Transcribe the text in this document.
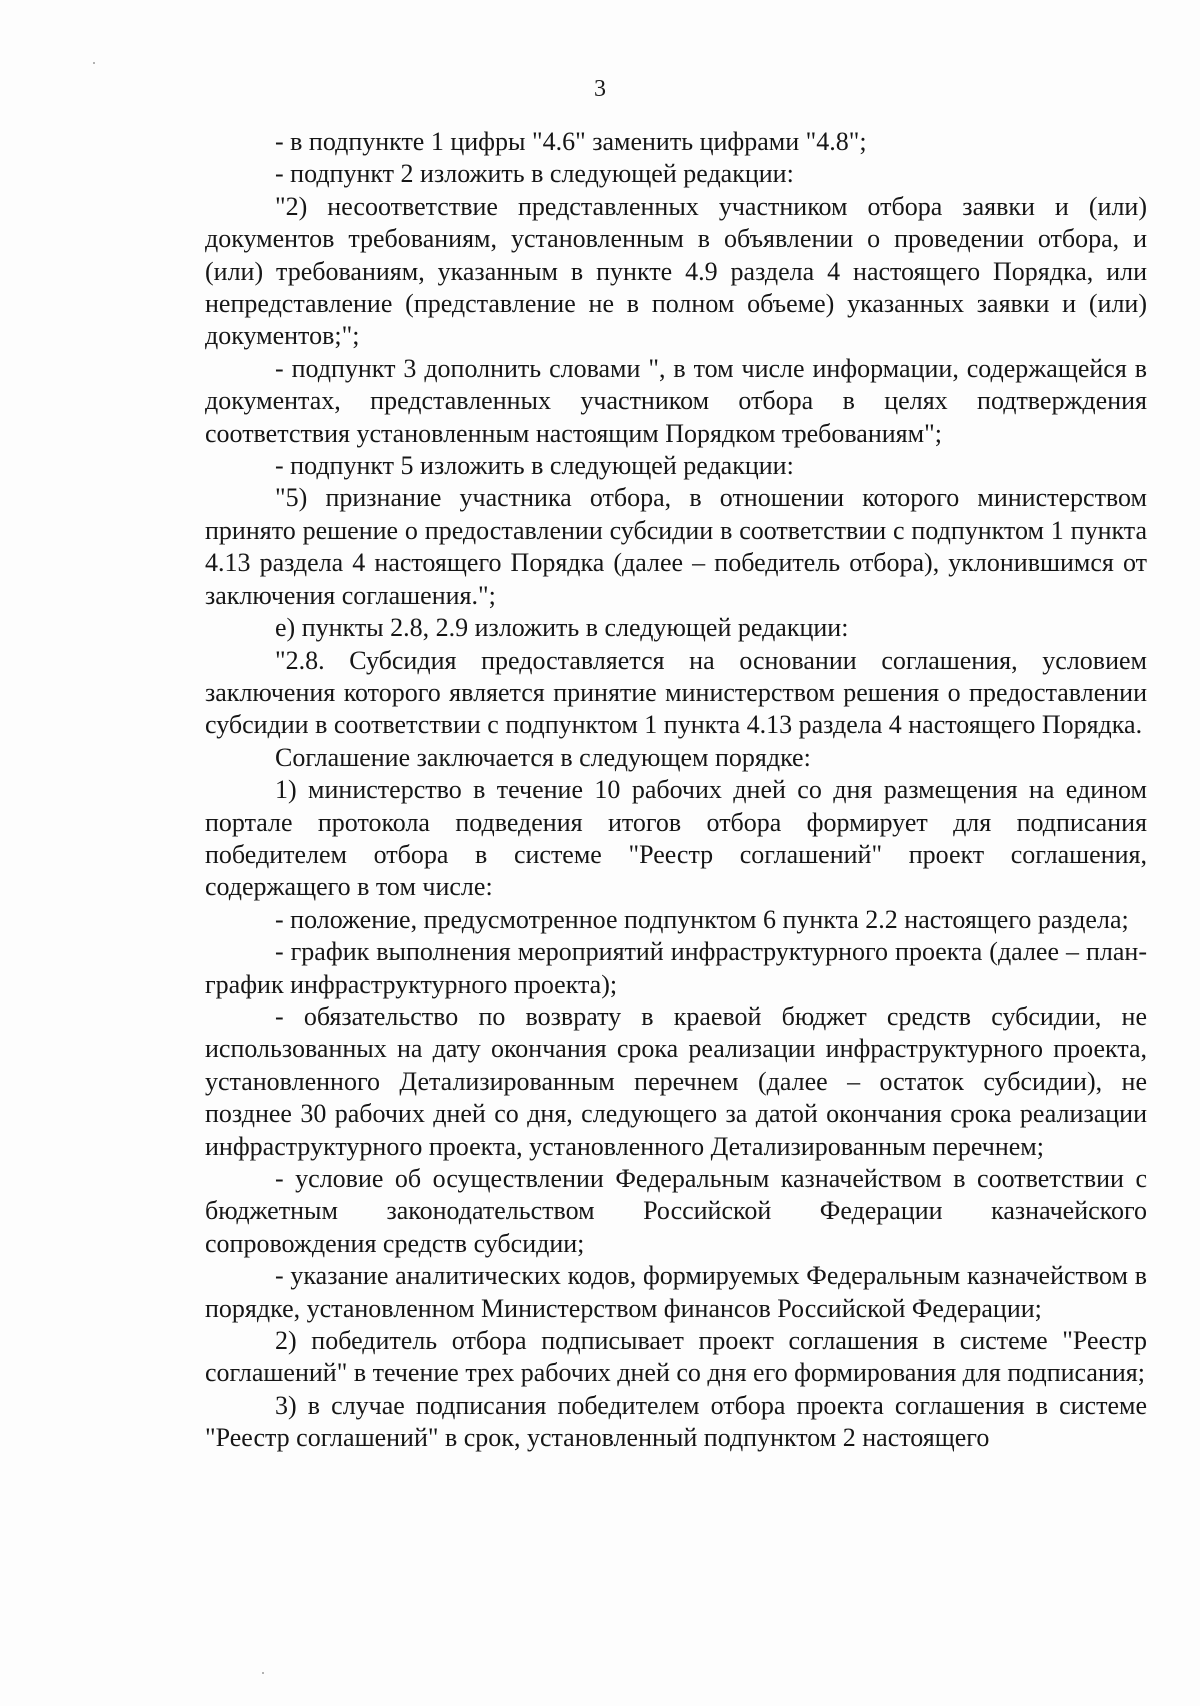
3

- в подпункте 1 цифры "4.6" заменить цифрами "4.8";

- подпункт 2 изложить в следующей редакции:

"2) несоответствие представленных участником отбора заявки и (или) документов требованиям, установленным в объявлении о проведении отбора, и (или) требованиям, указанным в пункте 4.9 раздела 4 настоящего Порядка, или непредставление (представление не в полном объеме) указанных заявки и (или) документов;";

- подпункт 3 дополнить словами ", в том числе информации, содержащейся в документах, представленных участником отбора в целях подтверждения соответствия установленным настоящим Порядком требованиям";

- подпункт 5 изложить в следующей редакции:

"5) признание участника отбора, в отношении которого министерством принято решение о предоставлении субсидии в соответствии с подпунктом 1 пункта 4.13 раздела 4 настоящего Порядка (далее – победитель отбора), уклонившимся от заключения соглашения.";

е) пункты 2.8, 2.9 изложить в следующей редакции:

"2.8. Субсидия предоставляется на основании соглашения, условием заключения которого является принятие министерством решения о предоставлении субсидии в соответствии с подпунктом 1 пункта 4.13 раздела 4 настоящего Порядка.

Соглашение заключается в следующем порядке:

1) министерство в течение 10 рабочих дней со дня размещения на едином портале протокола подведения итогов отбора формирует для подписания победителем отбора в системе "Реестр соглашений" проект соглашения, содержащего в том числе:

- положение, предусмотренное подпунктом 6 пункта 2.2 настоящего раздела;

- график выполнения мероприятий инфраструктурного проекта (далее – план-график инфраструктурного проекта);

- обязательство по возврату в краевой бюджет средств субсидии, не использованных на дату окончания срока реализации инфраструктурного проекта, установленного Детализированным перечнем (далее – остаток субсидии), не позднее 30 рабочих дней со дня, следующего за датой окончания срока реализации инфраструктурного проекта, установленного Детализированным перечнем;

- условие об осуществлении Федеральным казначейством в соответствии с бюджетным законодательством Российской Федерации казначейского сопровождения средств субсидии;

- указание аналитических кодов, формируемых Федеральным казначейством в порядке, установленном Министерством финансов Российской Федерации;

2) победитель отбора подписывает проект соглашения в системе "Реестр соглашений" в течение трех рабочих дней со дня его формирования для подписания;

3) в случае подписания победителем отбора проекта соглашения в системе "Реестр соглашений" в срок, установленный подпунктом 2 настоящего
